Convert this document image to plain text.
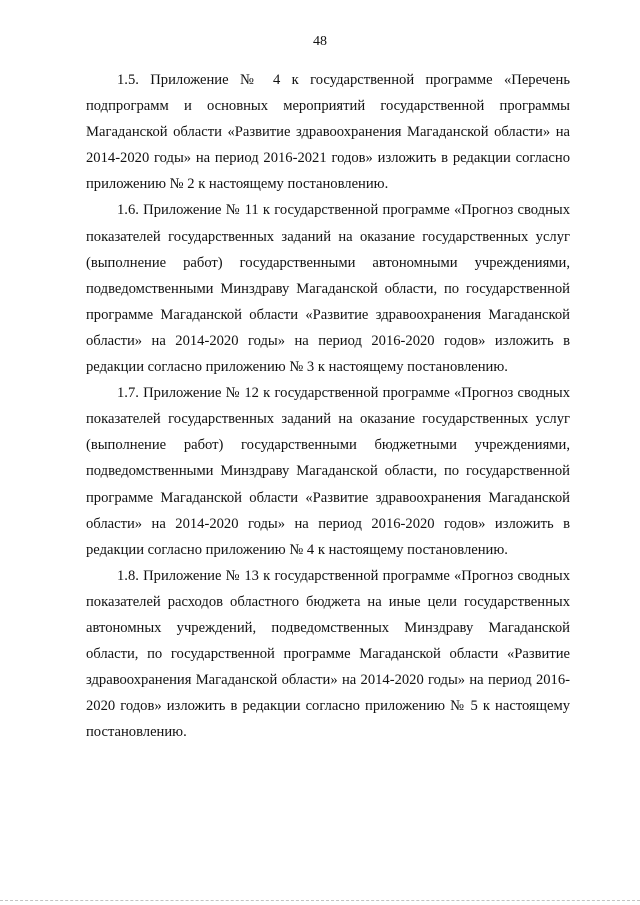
48

1.5. Приложение № 4 к государственной программе «Перечень подпрограмм и основных мероприятий государственной программы Магаданской области «Развитие здравоохранения Магаданской области» на 2014-2020 годы» на период 2016-2021 годов» изложить в редакции согласно приложению № 2 к настоящему постановлению.

1.6. Приложение № 11 к государственной программе «Прогноз сводных показателей государственных заданий на оказание государственных услуг (выполнение работ) государственными автономными учреждениями, подведомственными Минздраву Магаданской области, по государственной программе Магаданской области «Развитие здравоохранения Магаданской области» на 2014-2020 годы» на период 2016-2020 годов» изложить в редакции согласно приложению № 3 к настоящему постановлению.

1.7. Приложение № 12 к государственной программе «Прогноз сводных показателей государственных заданий на оказание государственных услуг (выполнение работ) государственными бюджетными учреждениями, подведомственными Минздраву Магаданской области, по государственной программе Магаданской области «Развитие здравоохранения Магаданской области» на 2014-2020 годы» на период 2016-2020 годов» изложить в редакции согласно приложению № 4 к настоящему постановлению.

1.8. Приложение № 13 к государственной программе «Прогноз сводных показателей расходов областного бюджета на иные цели государственных автономных учреждений, подведомственных Минздраву Магаданской области, по государственной программе Магаданской области «Развитие здравоохранения Магаданской области» на 2014-2020 годы» на период 2016-2020 годов» изложить в редакции согласно приложению № 5 к настоящему постановлению.
